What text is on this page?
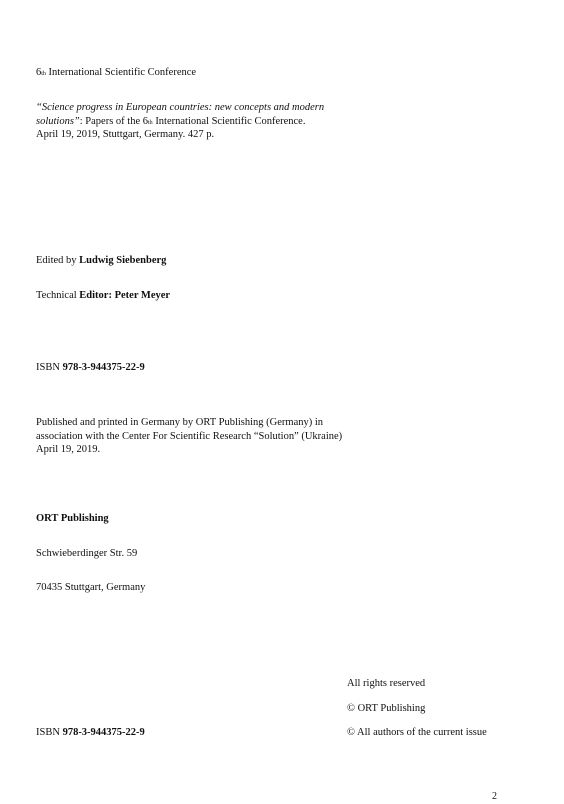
6th International Scientific Conference
“Science progress in European countries: new concepts and modern
solutions”: Papers of the 6th International Scientific Conference.
April 19, 2019, Stuttgart, Germany. 427 p.
Edited by Ludwig Siebenberg
Technical Editor: Peter Meyer
ISBN 978-3-944375-22-9
Published and printed in Germany by ORT Publishing (Germany) in
association with the Center For Scientific Research “Solution” (Ukraine)
April 19, 2019.
ORT Publishing
Schwieberdinger Str. 59
70435 Stuttgart, Germany
All rights reserved
© ORT Publishing
ISBN 978-3-944375-22-9	© All authors of the current issue
2
